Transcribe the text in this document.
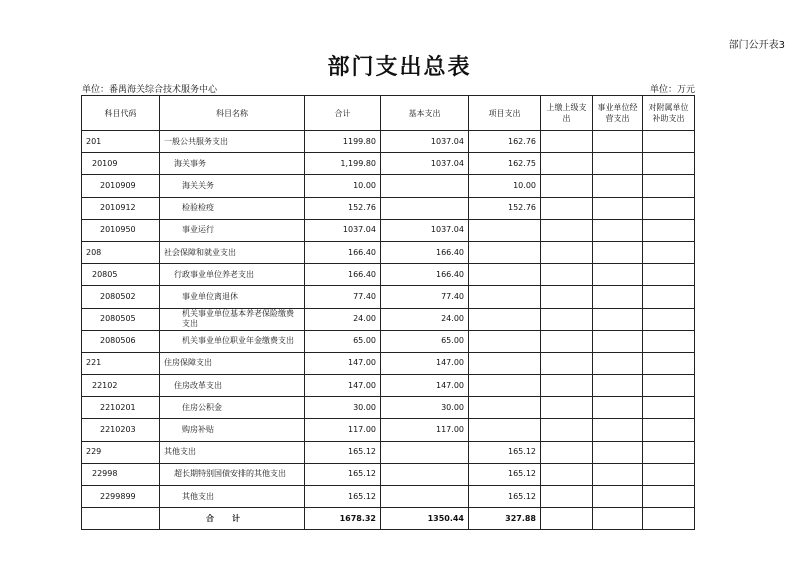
部门公开表3
部门支出总表
单位：番禺海关综合技术服务中心	单位：万元
科目代码	科目名称	合计	基本支出	项目支出	上缴上级支出	事业单位经营支出	对附属单位补助支出
201	一般公共服务支出	1199.80	1037.04	162.76			
20109	海关事务	1,199.80	1037.04	162.75			
2010909	海关关务	10.00		10.00			
2010912	检验检疫	152.76		152.76			
2010950	事业运行	1037.04	1037.04				
208	社会保障和就业支出	166.40	166.40				
20805	行政事业单位养老支出	166.40	166.40				
2080502	事业单位离退休	77.40	77.40				
2080505	机关事业单位基本养老保险缴费支出	24.00	24.00				
2080506	机关事业单位职业年金缴费支出	65.00	65.00				
221	住房保障支出	147.00	147.00				
22102	住房改革支出	147.00	147.00				
2210201	住房公积金	30.00	30.00				
2210203	购房补贴	117.00	117.00				
229	其他支出	165.12		165.12			
22998	超长期特别国债安排的其他支出	165.12		165.12			
2299899	其他支出	165.12		165.12			
	合计	1678.32	1350.44	327.88			
